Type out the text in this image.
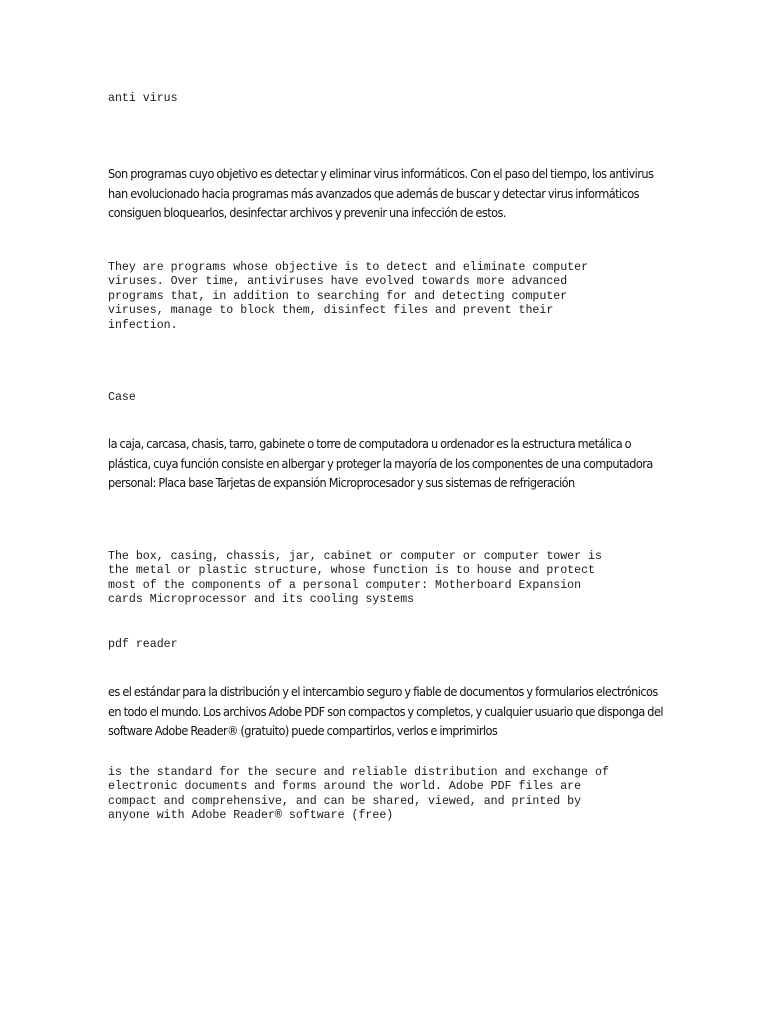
anti virus

Son programas cuyo objetivo es detectar y eliminar virus informáticos. Con el paso del tiempo, los antivirus han evolucionado hacia programas más avanzados que además de buscar y detectar virus informáticos consiguen bloquearlos, desinfectar archivos y prevenir una infección de estos.

They are programs whose objective is to detect and eliminate computer
viruses. Over time, antiviruses have evolved towards more advanced
programs that, in addition to searching for and detecting computer
viruses, manage to block them, disinfect files and prevent their
infection.

Case

la caja, carcasa, chasis, tarro, gabinete o torre de computadora u ordenador es la estructura metálica o plástica, cuya función consiste en albergar y proteger la mayoría de los componentes de una computadora personal: Placa base Tarjetas de expansión Microprocesador y sus sistemas de refrigeración

The box, casing, chassis, jar, cabinet or computer or computer tower is
the metal or plastic structure, whose function is to house and protect
most of the components of a personal computer: Motherboard Expansion
cards Microprocessor and its cooling systems

pdf reader

es el estándar para la distribución y el intercambio seguro y fiable de documentos y formularios electrónicos en todo el mundo. Los archivos Adobe PDF son compactos y completos, y cualquier usuario que disponga del software Adobe Reader® (gratuito) puede compartirlos, verlos e imprimirlos

is the standard for the secure and reliable distribution and exchange of
electronic documents and forms around the world. Adobe PDF files are
compact and comprehensive, and can be shared, viewed, and printed by
anyone with Adobe Reader® software (free)
